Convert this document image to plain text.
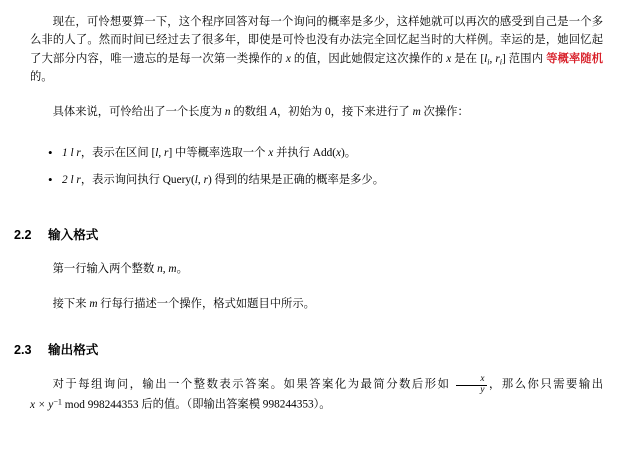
现在，可怜想要算一下，这个程序回答对每一个询问的概率是多少，这样她就可以再次的感受到自己是一个多么非的人了。然而时间已经过去了很多年，即使是可怜也没有办法完全回忆起当时的大样例。幸运的是，她回忆起了大部分内容，唯一遗忘的是每一次第一类操作的 x 的值，因此她假定这次操作的 x 是在 [$l_i$, $r_i$] 范围内 等概率随机 的。

具体来说，可怜给出了一个长度为 n 的数组 A，初始为 0，接下来进行了 m 次操作：

• 1 l r，表示在区间 [l, r] 中等概率选取一个 x 并执行 Add(x)。
• 2 l r，表示询问执行 Query(l, r) 得到的结果是正确的概率是多少。
2.2 输入格式

第一行输入两个整数 n, m。

接下来 m 行每行描述一个操作，格式如题目中所示。

2.3 输出格式

对于每组询问，输出一个整数表示答案。如果答案化为最简分数后形如 $\frac{x}{y}$ ，那么你只需要输出 $x \times y^{-1}$ mod 998244353 后的值。（即输出答案模 998244353）。
